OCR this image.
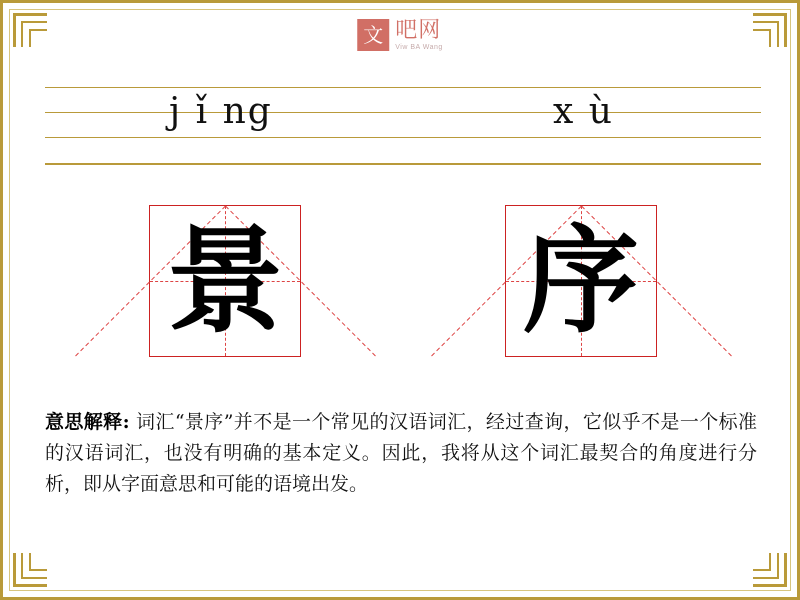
文 吧网
Viw BA Wang
j ǐ ng	x ù
景 序
意思解释: 词汇“景序”并不是一个常见的汉语词汇，经过查询，它似乎不是一个标准的汉语词汇，也没有明确的基本定义。因此，我将从这个词汇最契合的角度进行分析，即从字面意思和可能的语境出发。
